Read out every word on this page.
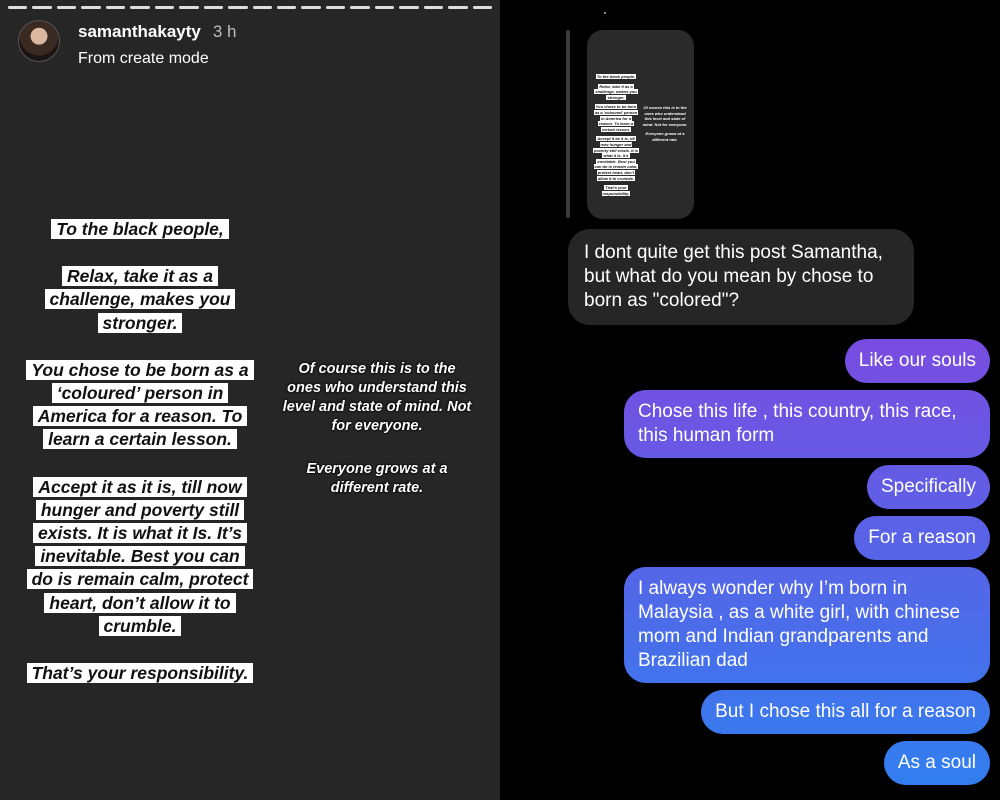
samanthakayty 3 h
From create mode
To the black people,
Relax, take it as a challenge, makes you stronger.
You chose to be born as a ‘coloured’ person in America for a reason. To learn a certain lesson.
Accept it as it is, till now hunger and poverty still exists. It is what it Is. It’s inevitable. Best you can do is remain calm, protect heart, don’t allow it to crumble.
That’s your responsibility.
Of course this is to the ones who understand this level and state of mind. Not for everyone.
Everyone grows at a different rate.
To the black people,
Relax, take it as a challenge, makes you stronger.
You chose to be born as a ‘coloured’ person in America for a reason. To learn a certain lesson.
Accept it as it is, till now hunger and poverty still exists. It is what it Is. It’s inevitable. Best you can do is remain calm, protect heart, don’t allow it to crumble.
That’s your responsibility.
Of course this is to the ones who understand this level and state of mind. Not for everyone.
Everyone grows at a different rate.
I dont quite get this post Samantha, but what do you mean by chose to born as "colored"?
Like our souls
Chose this life , this country, this race, this human form
Specifically
For a reason
I always wonder why I’m born in Malaysia , as a white girl, with chinese mom and Indian grandparents and Brazilian dad
But I chose this all for a reason
As a soul
